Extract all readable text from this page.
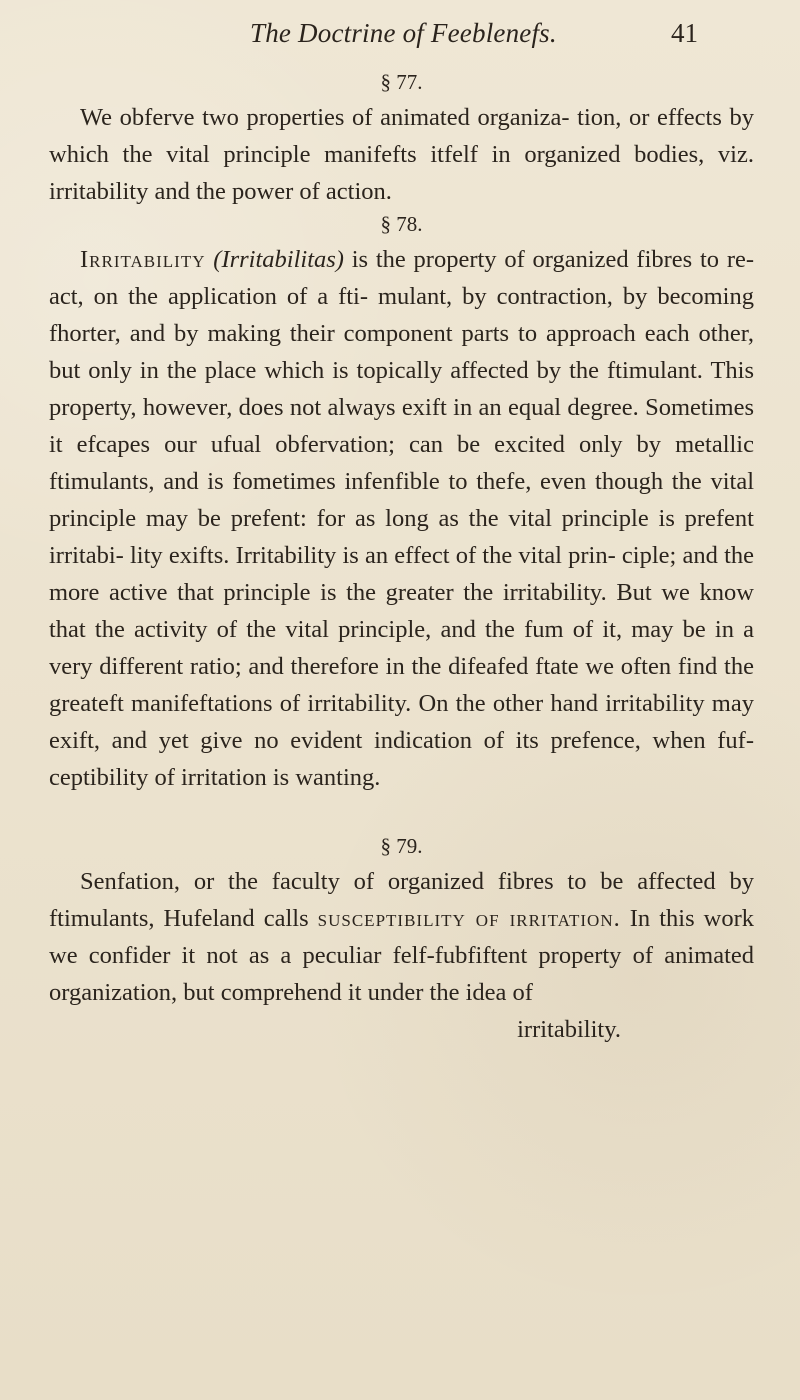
The Doctrine of Feeblenefs.	41
§ 77.

We obferve two properties of animated organiza- tion, or effects by which the vital principle manifefts itfelf in organized bodies, viz. irritability and the power of action.

§ 78.

Irritability (Irritabilitas) is the property of organized fibres to re-act, on the application of a fti- mulant, by contraction, by becoming fhorter, and by making their component parts to approach each other, but only in the place which is topically affected by the ftimulant. This property, however, does not always exift in an equal degree. Sometimes it efcapes our ufual obfervation; can be excited only by metallic ftimulants, and is fometimes infenfible to thefe, even though the vital principle may be prefent: for as long as the vital principle is prefent irritabi- lity exifts. Irritability is an effect of the vital prin- ciple; and the more active that principle is the greater the irritability. But we know that the activity of the vital principle, and the fum of it, may be in a very different ratio; and therefore in the difeafed ftate we often find the greateft manifeftations of irritability. On the other hand irritability may exift, and yet give no evident indication of its prefence, when fuf- ceptibility of irritation is wanting.

§ 79.

Senfation, or the faculty of organized fibres to be affected by ftimulants, Hufeland calls susceptibility of irritation. In this work we confider it not as a peculiar felf-fubfiftent property of animated organization, but comprehend it under the idea of

irritability.
